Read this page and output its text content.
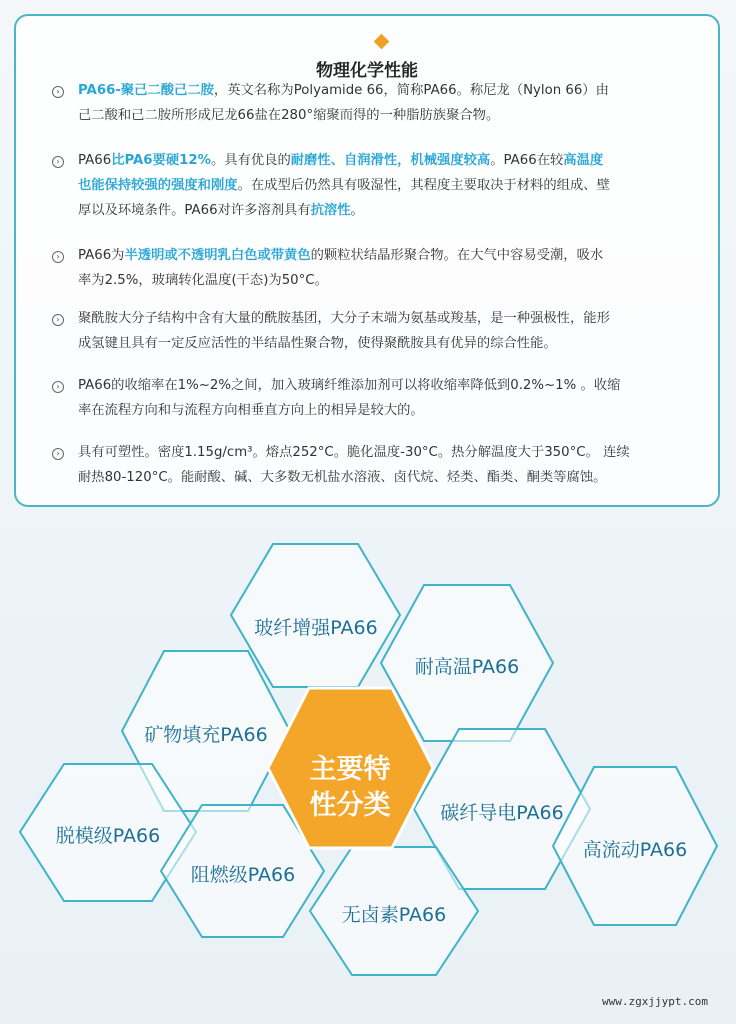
物理化学性能
›	PA66-聚己二酸己二胺，英文名称为Polyamide 66，简称PA66。称尼龙（Nylon 66）由
己二酸和己二胺所形成尼龙66盐在280°缩聚而得的一种脂肪族聚合物。
›	PA66比PA6要硬12%。具有优良的耐磨性、自润滑性，机械强度较高。PA66在较高温度
也能保持较强的强度和刚度。在成型后仍然具有吸湿性，其程度主要取决于材料的组成、壁
厚以及环境条件。PA66对许多溶剂具有抗溶性。
›	PA66为半透明或不透明乳白色或带黄色的颗粒状结晶形聚合物。在大气中容易受潮，吸水
率为2.5%，玻璃转化温度(干态)为50°C。
›	聚酰胺大分子结构中含有大量的酰胺基团，大分子末端为氨基或羧基，是一种强极性，能形
成氢键且具有一定反应活性的半结晶性聚合物，使得聚酰胺具有优异的综合性能。
›	PA66的收缩率在1%~2%之间，加入玻璃纤维添加剂可以将收缩率降低到0.2%~1% 。收缩
率在流程方向和与流程方向相垂直方向上的相异是较大的。
›	具有可塑性。密度1.15g/cm³。熔点252°C。脆化温度-30°C。热分解温度大于350°C。 连续
耐热80-120°C。能耐酸、碱、大多数无机盐水溶液、卤代烷、烃类、酯类、酮类等腐蚀。
玻纤增强PA66
耐高温PA66
矿物填充PA66
碳纤导电PA66
脱模级PA66
阻燃级PA66
无卤素PA66
高流动PA66
主要特
性分类
www.zgxjjypt.com
